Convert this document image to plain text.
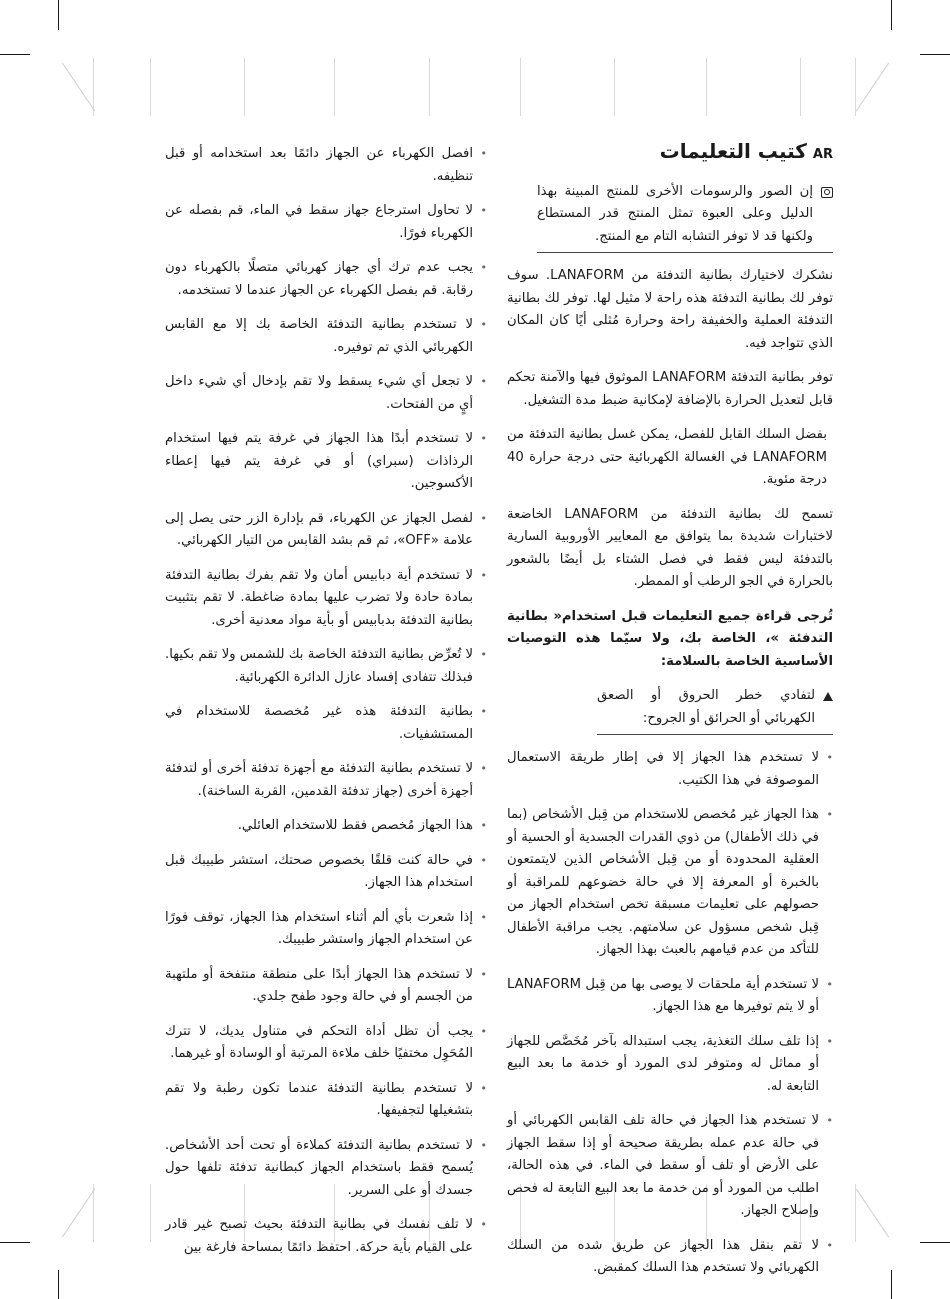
AR
كتيب التعليمات
إن الصور والرسومات الأخرى للمنتج المبينة بهذا الدليل وعلى العبوة تمثل المنتج قدر المستطاع ولكنها قد لا توفر التشابه التام مع المنتج.

نشكرك لاختيارك بطانية التدفئة من LANAFORM. سوف توفر لك بطانية التدفئة هذه راحة لا مثيل لها. توفر لك بطانية التدفئة العملية والخفيفة راحة وحرارة مُثلى أيًا كان المكان الذي تتواجد فيه.

توفر بطانية التدفئة LANAFORM الموثوق فيها والآمنة تحكم قابل لتعديل الحرارة بالإضافة لإمكانية ضبط مدة التشغيل.

بفضل السلك القابل للفصل، يمكن غسل بطانية التدفئة من LANAFORM في الغسالة الكهربائية حتى درجة حرارة 40 درجة مئوية.

تسمح لك بطانية التدفئة من LANAFORM الخاضعة لاختبارات شديدة بما يتوافق مع المعايير الأوروبية السارية بالتدفئة ليس فقط في فصل الشتاء بل أيضًا بالشعور بالحرارة في الجو الرطب أو الممطر.

تُرجى قراءة جميع التعليمات قبل استخدام« بطانية التدفئة »، الخاصة بك، ولا سيّما هذه التوصيات الأساسية الخاصة بالسلامة:

لتفادي خطر الحروق أو الصعق الكهربائي أو الحرائق أو الجروح:
• لا تستخدم هذا الجهاز إلا في إطار طريقة الاستعمال الموصوفة في هذا الكتيب.
• هذا الجهاز غير مُخصص للاستخدام من قِبل الأشخاص (بما في ذلك الأطفال) من ذوي القدرات الجسدية أو الحسية أو العقلية المحدودة أو من قِبل الأشخاص الذين لايتمتعون بالخبرة أو المعرفة إلا في حالة خضوعهم للمراقبة أو حصولهم على تعليمات مسبقة تخص استخدام الجهاز من قِبل شخص مسؤول عن سلامتهم. يجب مراقبة الأطفال للتأكد من عدم قيامهم بالعبث بهذا الجهاز.
• لا تستخدم أية ملحقات لا يوصى بها من قِبل LANAFORM أو لا يتم توفيرها مع هذا الجهاز.
• إذا تلف سلك التغذية، يجب استبداله بآخر مُخَصَّص للجهاز أو مماثل له ومتوفر لدى المورد أو خدمة ما بعد البيع التابعة له.
• لا تستخدم هذا الجهاز في حالة تلف القابس الكهربائي أو في حالة عدم عمله بطريقة صحيحة أو إذا سقط الجهاز على الأرض أو تلف أو سقط في الماء. في هذه الحالة، اطلب من المورد أو من خدمة ما بعد البيع التابعة له فحص وإصلاح الجهاز.
• لا تقم بنقل هذا الجهاز عن طريق شده من السلك الكهربائي ولا تستخدم هذا السلك كمقبض.
• افصل الكهرباء عن الجهاز دائمًا بعد استخدامه أو قبل تنظيفه.
• لا تحاول استرجاع جهاز سقط في الماء، قم بفصله عن الكهرباء فورًا.
• يجب عدم ترك أي جهاز كهربائي متصلًا بالكهرباء دون رقابة. قم بفصل الكهرباء عن الجهاز عندما لا تستخدمه.
• لا تستخدم بطانية التدفئة الخاصة بك إلا مع القابس الكهربائي الذي تم توفيره.
• لا تجعل أي شيء يسقط ولا تقم بإدخال أي شيء داخل أيٍ من الفتحات.
• لا تستخدم أبدًا هذا الجهاز في غرفة يتم فيها استخدام الرذاذات (سبراي) أو في غرفة يتم فيها إعطاء الأكسوجين.
• لفصل الجهاز عن الكهرباء، قم بإدارة الزر حتى يصل إلى علامة «OFF»، ثم قم بشد القابس من التيار الكهربائي.
• لا تستخدم أية دبابيس أمان ولا تقم بفرك بطانية التدفئة بمادة حادة ولا تضرب عليها بمادة ضاغطة. لا تقم بتثبيت بطانية التدفئة بدبابيس أو بأية مواد معدنية أخرى.
• لا تُعرِّض بطانية التدفئة الخاصة بك للشمس ولا تقم بكيها. فبذلك تتفادى إفساد عازل الدائرة الكهربائية.
• بطانية التدفئة هذه غير مُخصصة للاستخدام في المستشفيات.
• لا تستخدم بطانية التدفئة مع أجهزة تدفئة أخرى أو لتدفئة أجهزة أخرى (جهاز تدفئة القدمين، القربة الساخنة).
• هذا الجهاز مُخصص فقط للاستخدام العائلي.
• في حالة كنت قلقًا بخصوص صحتك، استشر طبيبك قبل استخدام هذا الجهاز.
• إذا شعرت بأي ألم أثناء استخدام هذا الجهاز، توقف فورًا عن استخدام الجهاز واستشر طبيبك.
• لا تستخدم هذا الجهاز أبدًا على منطقة منتفخة أو ملتهبة من الجسم أو في حالة وجود طفح جلدي.
• يجب أن تظل أداة التحكم في متناول يديك، لا تترك المُحَوِل مختفيًا خلف ملاءة المرتبة أو الوسادة أو غيرهما.
• لا تستخدم بطانية التدفئة عندما تكون رطبة ولا تقم بتشغيلها لتجفيفها.
• لا تستخدم بطانية التدفئة كملاءة أو تحت أحد الأشخاص. يُسمح فقط باستخدام الجهاز كبطانية تدفئة تلفها حول جسدك أو على السرير.
• لا تلف نفسك في بطانية التدفئة بحيث تصبح غير قادر على القيام بأية حركة. احتفظ دائمًا بمساحة فارغة بين
